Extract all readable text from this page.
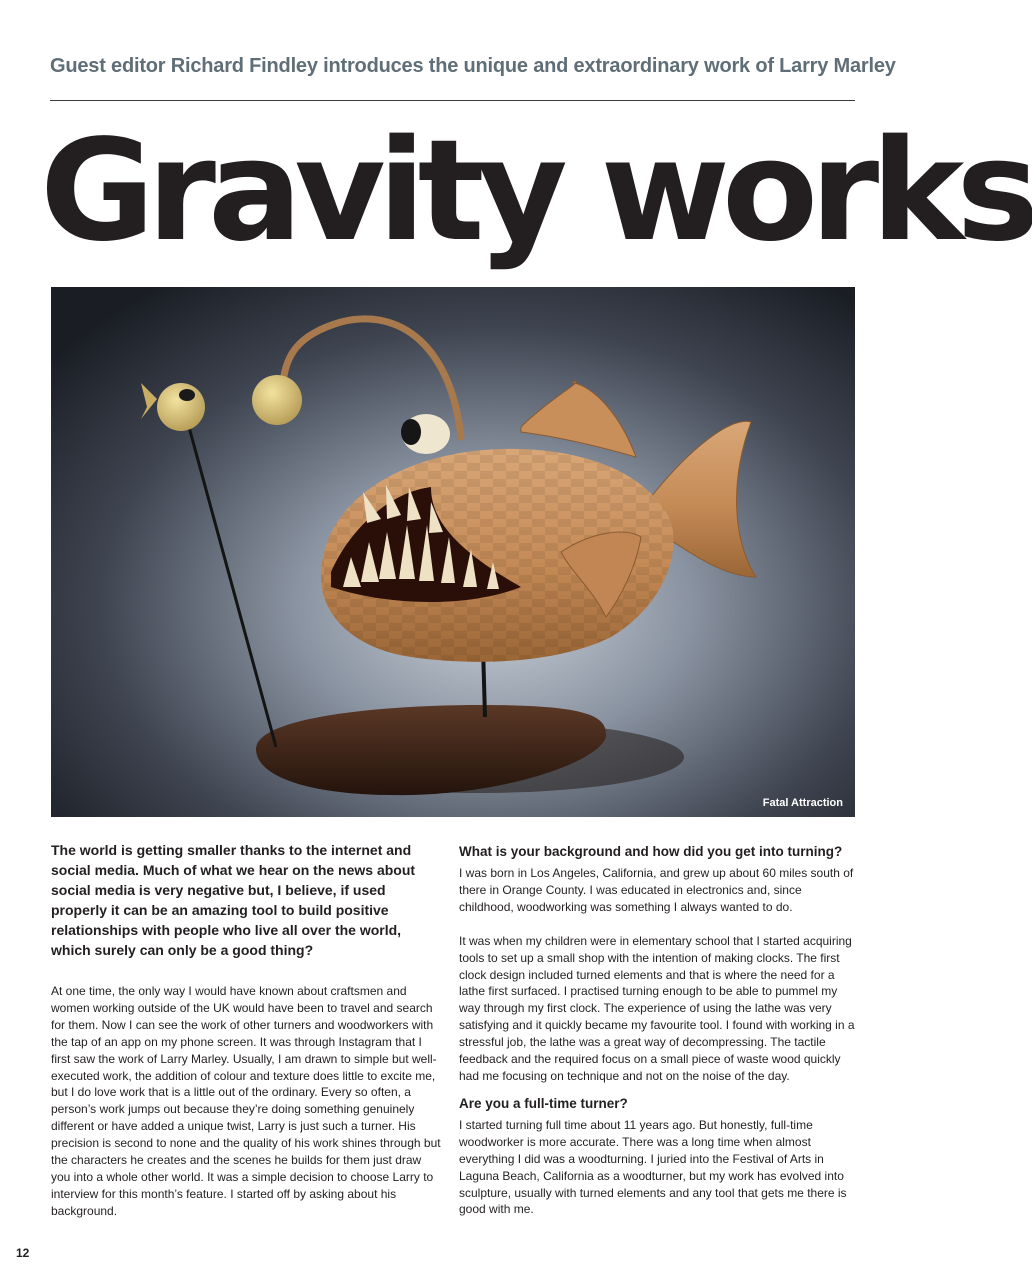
Guest editor Richard Findley introduces the unique and extraordinary work of Larry Marley
Gravity works
Fatal Attraction

The world is getting smaller thanks to the internet and social media. Much of what we hear on the news about social media is very negative but, I believe, if used properly it can be an amazing tool to build positive relationships with people who live all over the world, which surely can only be a good thing?

At one time, the only way I would have known about craftsmen and women working outside of the UK would have been to travel and search for them. Now I can see the work of other turners and woodworkers with the tap of an app on my phone screen. It was through Instagram that I first saw the work of Larry Marley. Usually, I am drawn to simple but well-executed work, the addition of colour and texture does little to excite me, but I do love work that is a little out of the ordinary. Every so often, a person’s work jumps out because they’re doing something genuinely different or have added a unique twist, Larry is just such a turner. His precision is second to none and the quality of his work shines through but the characters he creates and the scenes he builds for them just draw you into a whole other world. It was a simple decision to choose Larry to interview for this month’s feature. I started off by asking about his background.

What is your background and how did you get into turning?

I was born in Los Angeles, California, and grew up about 60 miles south of there in Orange County. I was educated in electronics and, since childhood, woodworking was something I always wanted to do.

It was when my children were in elementary school that I started acquiring tools to set up a small shop with the intention of making clocks. The first clock design included turned elements and that is where the need for a lathe first surfaced. I practised turning enough to be able to pummel my way through my first clock. The experience of using the lathe was very satisfying and it quickly became my favourite tool. I found with working in a stressful job, the lathe was a great way of decompressing. The tactile feedback and the required focus on a small piece of waste wood quickly had me focusing on technique and not on the noise of the day.

Are you a full-time turner?

I started turning full time about 11 years ago. But honestly, full-time woodworker is more accurate. There was a long time when almost everything I did was a woodturning. I juried into the Festival of Arts in Laguna Beach, California as a woodturner, but my work has evolved into sculpture, usually with turned elements and any tool that gets me there is good with me.

12
